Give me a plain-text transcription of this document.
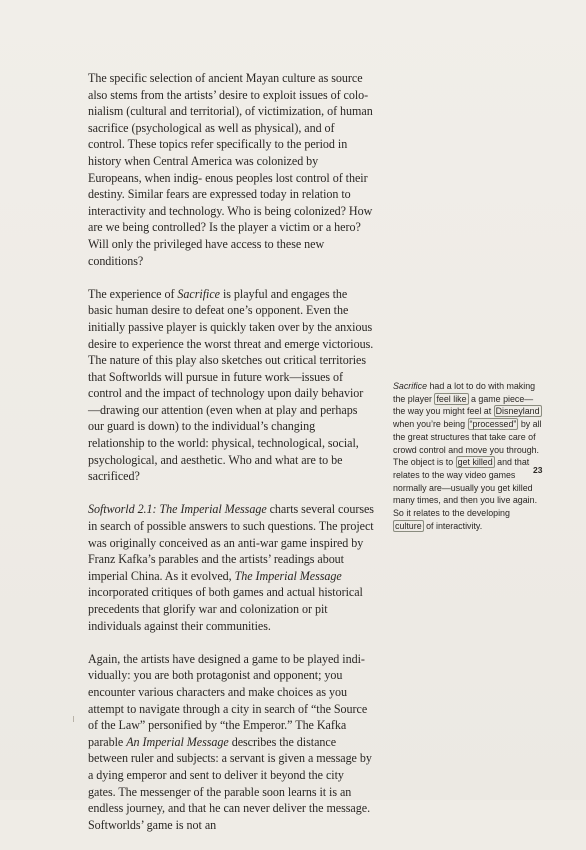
The specific selection of ancient Mayan culture as source also stems from the artists’ desire to exploit issues of colo- nialism (cultural and territorial), of victimization, of human sacrifice (psychological as well as physical), and of control. These topics refer specifically to the period in history when Central America was colonized by Europeans, when indig- enous peoples lost control of their destiny. Similar fears are expressed today in relation to interactivity and technology. Who is being colonized? How are we being controlled? Is the player a victim or a hero? Will only the privileged have access to these new conditions?

The experience of Sacrifice is playful and engages the basic human desire to defeat one’s opponent. Even the initially passive player is quickly taken over by the anxious desire to experience the worst threat and emerge victorious. The nature of this play also sketches out critical territories that Softworlds will pursue in future work—issues of control and the impact of technology upon daily behavior—drawing our attention (even when at play and perhaps our guard is down) to the individual’s changing relationship to the world: physical, technological, social, psychological, and aesthetic. Who and what are to be sacrificed?

Softworld 2.1: The Imperial Message charts several courses in search of possible answers to such questions. The project was originally conceived as an anti-war game inspired by Franz Kafka’s parables and the artists’ readings about imperial China. As it evolved, The Imperial Message incorporated critiques of both games and actual historical precedents that glorify war and colonization or pit individuals against their communities.

Again, the artists have designed a game to be played indi- vidually: you are both protagonist and opponent; you encounter various characters and make choices as you attempt to navigate through a city in search of “the Source of the Law” personified by “the Emperor.” The Kafka parable An Imperial Message describes the distance between ruler and subjects: a servant is given a message by a dying emperor and sent to deliver it beyond the city gates. The messenger of the parable soon learns it is an endless journey, and that he can never deliver the message. Softworlds’ game is not an

Sacrifice had a lot to do with making the player feel like a game piece—the way you might feel at Disneyland when you’re being “processed” by all the great structures that take care of crowd control and move you through. The object is to get killed and that relates to the way video games normally are—usually you get killed many times, and then you live again. So it relates to the developing culture of interactivity.
23
